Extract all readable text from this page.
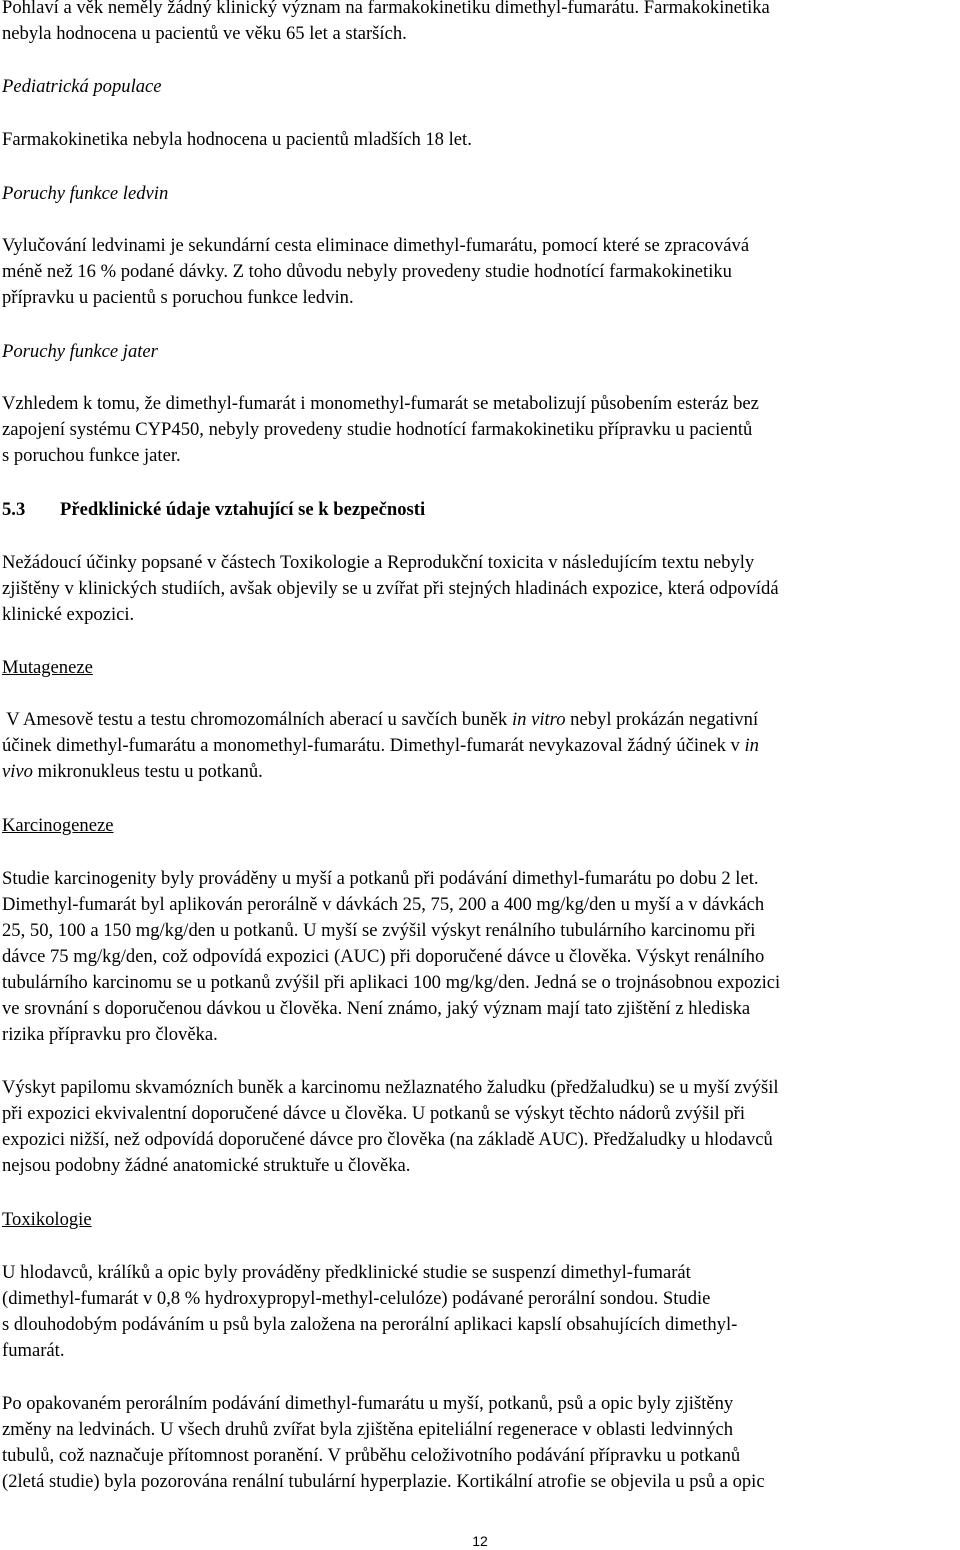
Pohlaví a věk neměly žádný klinický význam na farmakokinetiku dimethyl-fumarátu. Farmakokinetika
nebyla hodnocena u pacientů ve věku 65 let a starších.
Pediatrická populace
Farmakokinetika nebyla hodnocena u pacientů mladších 18 let.
Poruchy funkce ledvin
Vylučování ledvinami je sekundární cesta eliminace dimethyl-fumarátu, pomocí které se zpracovává
méně než 16 % podané dávky. Z toho důvodu nebyly provedeny studie hodnotící farmakokinetiku
přípravku u pacientů s poruchou funkce ledvin.
Poruchy funkce jater
Vzhledem k tomu, že dimethyl-fumarát i monomethyl-fumarát se metabolizují působením esteráz bez
zapojení systému CYP450, nebyly provedeny studie hodnotící farmakokinetiku přípravku u pacientů
s poruchou funkce jater.
5.3 Předklinické údaje vztahující se k bezpečnosti
Nežádoucí účinky popsané v částech Toxikologie a Reprodukční toxicita v následujícím textu nebyly
zjištěny v klinických studiích, avšak objevily se u zvířat při stejných hladinách expozice, která odpovídá
klinické expozici.
Mutageneze
V Amesově testu a testu chromozomálních aberací u savčích buněk in vitro nebyl prokázán negativní
účinek dimethyl-fumarátu a monomethyl-fumarátu. Dimethyl-fumarát nevykazoval žádný účinek v in
vivo mikronukleus testu u potkanů.
Karcinogeneze
Studie karcinogenity byly prováděny u myší a potkanů při podávání dimethyl-fumarátu po dobu 2 let.
Dimethyl-fumarát byl aplikován perorálně v dávkách 25, 75, 200 a 400 mg/kg/den u myší a v dávkách
25, 50, 100 a 150 mg/kg/den u potkanů. U myší se zvýšil výskyt renálního tubulárního karcinomu při
dávce 75 mg/kg/den, což odpovídá expozici (AUC) při doporučené dávce u člověka. Výskyt renálního
tubulárního karcinomu se u potkanů zvýšil při aplikaci 100 mg/kg/den. Jedná se o trojnásobnou expozici
ve srovnání s doporučenou dávkou u člověka. Není známo, jaký význam mají tato zjištění z hlediska
rizika přípravku pro člověka.
Výskyt papilomu skvamózních buněk a karcinomu nežlaznatého žaludku (předžaludku) se u myší zvýšil
při expozici ekvivalentní doporučené dávce u člověka. U potkanů se výskyt těchto nádorů zvýšil při
expozici nižší, než odpovídá doporučené dávce pro člověka (na základě AUC). Předžaludky u hlodavců
nejsou podobny žádné anatomické struktuře u člověka.
Toxikologie
U hlodavců, králíků a opic byly prováděny předklinické studie se suspenzí dimethyl-fumarát
(dimethyl-fumarát v 0,8 % hydroxypropyl-methyl-celulóze) podávané perorální sondou. Studie
s dlouhodobým podáváním u psů byla založena na perorální aplikaci kapslí obsahujících dimethyl-
fumarát.
Po opakovaném perorálním podávání dimethyl-fumarátu u myší, potkanů, psů a opic byly zjištěny
změny na ledvinách. U všech druhů zvířat byla zjištěna epiteliální regenerace v oblasti ledvinných
tubulů, což naznačuje přítomnost poranění. V průběhu celoživotního podávání přípravku u potkanů
(2letá studie) byla pozorována renální tubulární hyperplazie. Kortikální atrofie se objevila u psů a opic
12
